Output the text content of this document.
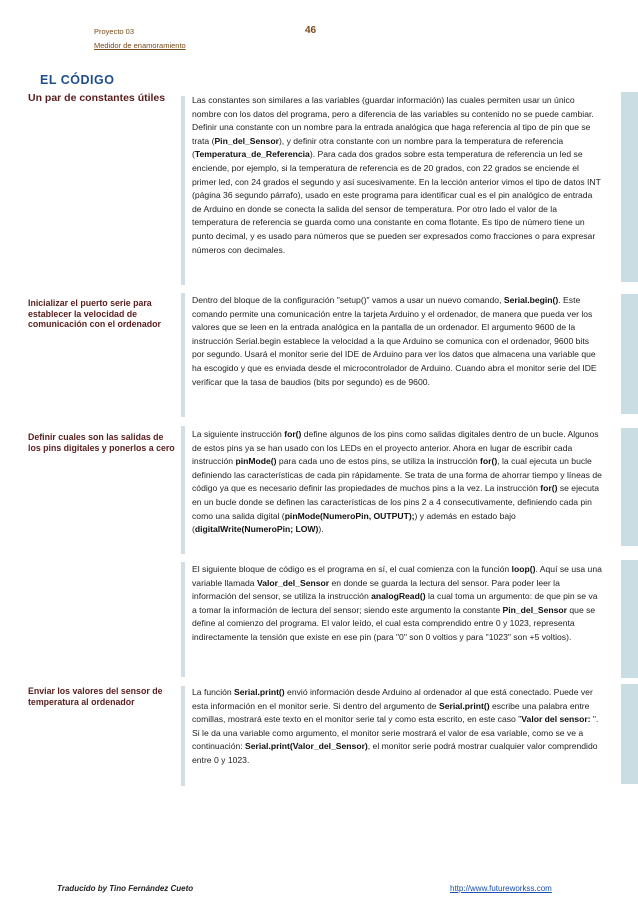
Proyecto 03
Medidor de enamoramiento
46
EL CÓDIGO
Un par de constantes útiles
Inicializar el puerto serie para establecer la velocidad de comunicación con el ordenador
Definir cuales son las salidas de los pins digitales y ponerlos a cero
Enviar los valores del sensor de temperatura al ordenador
Las constantes son similares a las variables (guardar información) las cuales permiten usar un único nombre con los datos del programa, pero a diferencia de las variables su contenido no se puede cambiar. Definir una constante con un nombre para la entrada analógica que haga referencia al tipo de pin que se trata (Pin_del_Sensor), y definir otra constante con un nombre para la temperatura de referencia (Temperatura_de_Referencia). Para cada dos grados sobre esta temperatura de referencia un led se enciende, por ejemplo, si la temperatura de referencia es de 20 grados, con 22 grados se enciende el primer led, con 24 grados el segundo y así sucesivamente. En la lección anterior vimos el tipo de datos INT (página 36 segundo párrafo), usado en este programa para identificar cual es el pin analógico de entrada de Arduino en donde se conecta la salida del sensor de temperatura. Por otro lado el valor de la temperatura de referencia se guarda como una constante en coma flotante. Es tipo de número tiene un punto decimal, y es usado para números que se pueden ser expresados como fracciones o para expresar números con decimales.
Dentro del bloque de la configuración "setup()" vamos a usar un nuevo comando, Serial.begin(). Este comando permite una comunicación entre la tarjeta Arduino y el ordenador, de manera que pueda ver los valores que se leen en la entrada analógica en la pantalla de un ordenador. El argumento 9600 de la instrucción Serial.begin establece la velocidad a la que Arduino se comunica con el ordenador, 9600 bits por segundo. Usará el monitor serie del IDE de Arduino para ver los datos que almacena una variable que ha escogido y que es enviada desde el microcontrolador de Arduino. Cuando abra el monitor serie del IDE verificar que la tasa de baudios (bits por segundo) es de 9600.
La siguiente instrucción for() define algunos de los pins como salidas digitales dentro de un bucle. Algunos de estos pins ya se han usado con los LEDs en el proyecto anterior. Ahora en lugar de escribir cada instrucción pinMode() para cada uno de estos pins, se utiliza la instrucción for(), la cual ejecuta un bucle definiendo las características de cada pin rápidamente. Se trata de una forma de ahorrar tiempo y líneas de código ya que es necesario definir las propiedades de muchos pins a la vez. La instrucción for() se ejecuta en un bucle donde se definen las características de los pins 2 a 4 consecutivamente, definiendo cada pin como una salida digital (pinMode(NumeroPin, OUTPUT);) y además en estado bajo (digitalWrite(NumeroPin; LOW)).
El siguiente bloque de código es el programa en sí, el cual comienza con la función loop(). Aquí se usa una variable llamada Valor_del_Sensor en donde se guarda la lectura del sensor. Para poder leer la información del sensor, se utiliza la instrucción analogRead() la cual toma un argumento: de que pin se va a tomar la información de lectura del sensor; siendo este argumento la constante Pin_del_Sensor que se define al comienzo del programa. El valor leído, el cual esta comprendido entre 0 y 1023, representa indirectamente la tensión que existe en ese pin (para "0" son 0 voltios y para "1023" son +5 voltios).
La función Serial.print() envió información desde Arduino al ordenador al que está conectado. Puede ver esta información en el monitor serie. Si dentro del argumento de Serial.print() escribe una palabra entre comillas, mostrará este texto en el monitor serie tal y como esta escrito, en este caso "Valor del sensor: ". Si le da una variable como argumento, el monitor serie mostrará el valor de esa variable, como se ve a continuación: Serial.print(Valor_del_Sensor), el monitor serie podrá mostrar cualquier valor comprendido entre 0 y 1023.
Traducido by Tino Fernández Cueto	http://www.futureworkss.com
